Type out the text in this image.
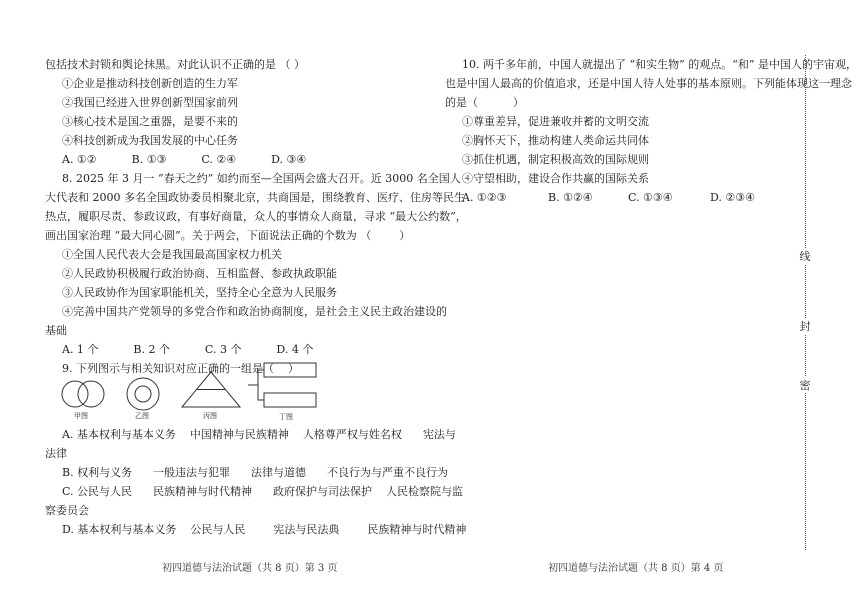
包括技术封锁和舆论抹黑。对此认识不正确的是 （ ）
①企业是推动科技创新创造的生力军
②我国已经进入世界创新型国家前列
③核心技术是国之重器，是要不来的
④科技创新成为我国发展的中心任务
A. ①②          B. ①③          C. ②④          D. ③④
8. 2025 年 3 月一 “春天之约” 如约而至—全国两会盛大召开。近 3000 名全国人
大代表和 2000 多名全国政协委员相聚北京，共商国是，围绕教育、医疗、住房等民生
热点，履职尽责、参政议政，有事好商量，众人的事情众人商量，寻求 “最大公约数”，
画出国家治理 “最大同心圆”。关于两会，下面说法正确的个数为 （        ）
①全国人民代表大会是我国最高国家权力机关
②人民政协积极履行政治协商、互相监督、参政执政职能
③人民政协作为国家职能机关，坚持全心全意为人民服务
④完善中国共产党领导的多党合作和政治协商制度，是社会主义民主政治建设的
基础
A. 1 个          B. 2 个          C. 3 个          D. 4 个
9. 下列图示与相关知识对应正确的一组是（    ）
甲图	乙图	丙图	丁图
A. 基本权利与基本义务    中国精神与民族精神    人格尊严权与姓名权      宪法与
法律
B. 权利与义务      一般违法与犯罪      法律与道德      不良行为与严重不良行为
C. 公民与人民      民族精神与时代精神      政府保护与司法保护    人民检察院与监
察委员会
D. 基本权利与基本义务    公民与人民        宪法与民法典        民族精神与时代精神
初四道德与法治试题（共 8 页）第 3 页
10. 两千多年前，中国人就提出了 “和实生物” 的观点。“和” 是中国人的宇宙观，
也是中国人最高的价值追求，还是中国人待人处事的基本原则。下列能体现这一理念
的是（          ）
①尊重差异，促进兼收并蓄的文明交流
②胸怀天下，推动构建人类命运共同体
③抓住机遇，制定积极高效的国际规则
④守望相助，建设合作共赢的国际关系
A. ①②③	B. ①②④	C. ①③④	D. ②③④
初四道德与法治试题（共 8 页）第 4 页
线
封
密
